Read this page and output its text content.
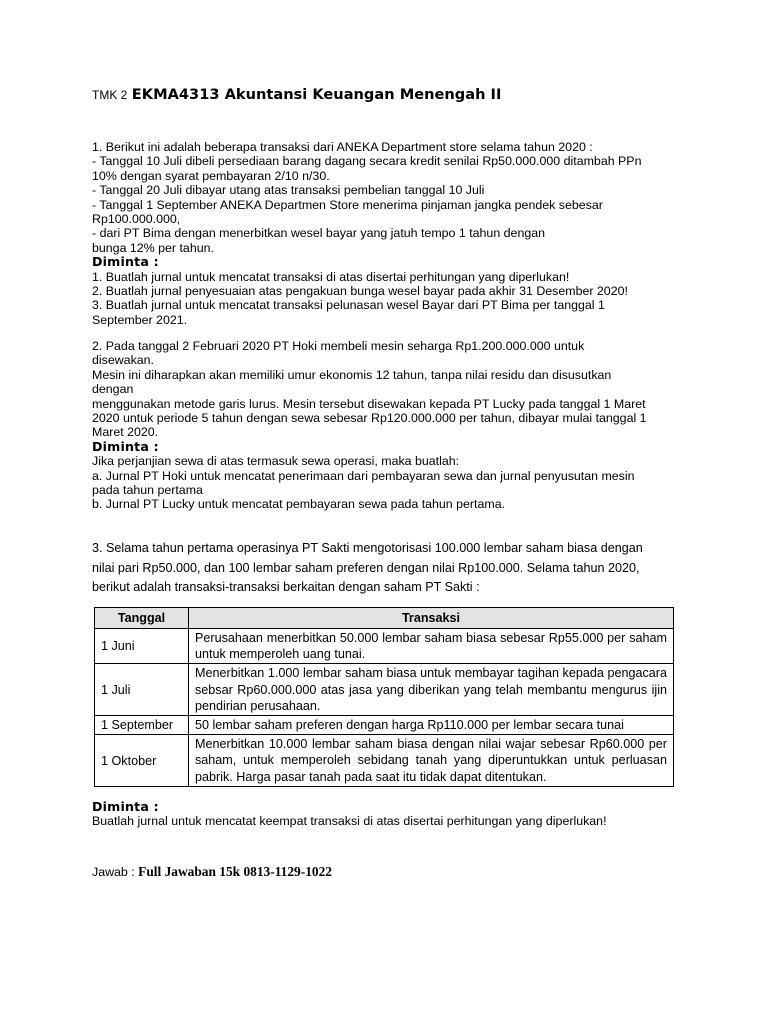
TMK 2 EKMA4313 Akuntansi Keuangan Menengah II
1. Berikut ini adalah beberapa transaksi dari ANEKA Department store selama tahun 2020 :
- Tanggal 10 Juli dibeli persediaan barang dagang secara kredit senilai Rp50.000.000 ditambah PPn
10% dengan syarat pembayaran 2/10 n/30.
- Tanggal 20 Juli dibayar utang atas transaksi pembelian tanggal 10 Juli
- Tanggal 1 September ANEKA Departmen Store menerima pinjaman jangka pendek sebesar
Rp100.000.000,
- dari PT Bima dengan menerbitkan wesel bayar yang jatuh tempo 1 tahun dengan
bunga 12% per tahun.
Diminta :
1. Buatlah jurnal untuk mencatat transaksi di atas disertai perhitungan yang diperlukan!
2. Buatlah jurnal penyesuaian atas pengakuan bunga wesel bayar pada akhir 31 Desember 2020!
3. Buatlah jurnal untuk mencatat transaksi pelunasan wesel Bayar dari PT Bima per tanggal 1
September 2021.
2. Pada tanggal 2 Februari 2020 PT Hoki membeli mesin seharga Rp1.200.000.000 untuk
disewakan.
Mesin ini diharapkan akan memiliki umur ekonomis 12 tahun, tanpa nilai residu dan disusutkan
dengan
menggunakan metode garis lurus. Mesin tersebut disewakan kepada PT Lucky pada tanggal 1 Maret
2020 untuk periode 5 tahun dengan sewa sebesar Rp120.000.000 per tahun, dibayar mulai tanggal 1
Maret 2020.
Diminta :
Jika perjanjian sewa di atas termasuk sewa operasi, maka buatlah:
a. Jurnal PT Hoki untuk mencatat penerimaan dari pembayaran sewa dan jurnal penyusutan mesin
pada tahun pertama
b. Jurnal PT Lucky untuk mencatat pembayaran sewa pada tahun pertama.
3. Selama tahun pertama operasinya PT Sakti mengotorisasi 100.000 lembar saham biasa dengan
nilai pari Rp50.000, dan 100 lembar saham preferen dengan nilai Rp100.000. Selama tahun 2020,
berikut adalah transaksi-transaksi berkaitan dengan saham PT Sakti :
Tanggal	Transaksi
1 Juni	Perusahaan menerbitkan 50.000 lembar saham biasa sebesar Rp55.000 per saham untuk memperoleh uang tunai.
1 Juli	Menerbitkan 1.000 lembar saham biasa untuk membayar tagihan kepada pengacara sebsar Rp60.000.000 atas jasa yang diberikan yang telah membantu mengurus ijin pendirian perusahaan.
1 September	50 lembar saham preferen dengan harga Rp110.000 per lembar secara tunai
1 Oktober	Menerbitkan 10.000 lembar saham biasa dengan nilai wajar sebesar Rp60.000 per saham, untuk memperoleh sebidang tanah yang diperuntukkan untuk perluasan pabrik. Harga pasar tanah pada saat itu tidak dapat ditentukan.
Diminta :
Buatlah jurnal untuk mencatat keempat transaksi di atas disertai perhitungan yang diperlukan!
Jawab : Full Jawaban 15k 0813-1129-1022
